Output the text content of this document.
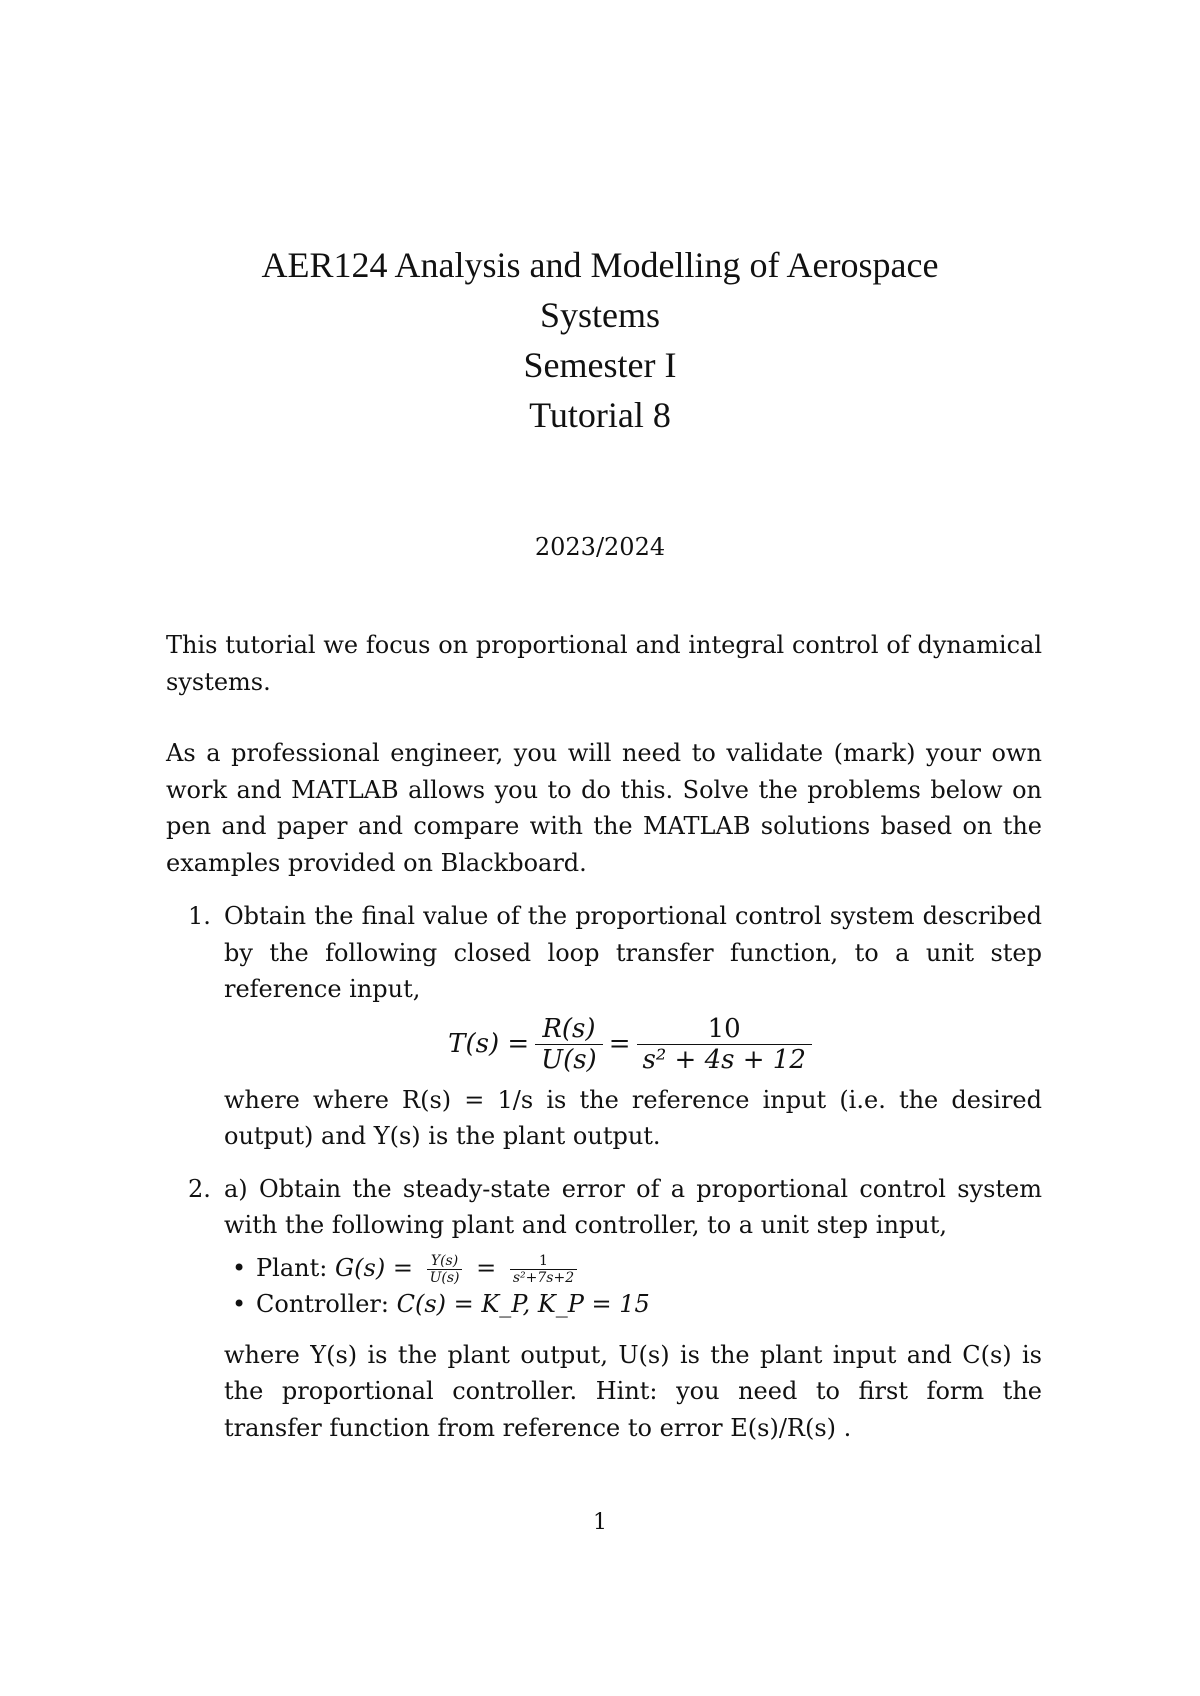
AER124 Analysis and Modelling of Aerospace
Systems
Semester I
Tutorial 8
2023/2024

This tutorial we focus on proportional and integral control of dynamical systems.

As a professional engineer, you will need to validate (mark) your own work and MATLAB allows you to do this. Solve the problems below on pen and paper and compare with the MATLAB solutions based on the examples provided on Blackboard.

1. Obtain the final value of the proportional control system described by the following closed loop transfer function, to a unit step reference input,

$T(s) = \frac{R(s)}{U(s)} = \frac{10}{\text{s² + 4s + 12}}$

where where R(s) = 1/s is the reference input (i.e. the desired output) and Y(s) is the plant output.

2. a) Obtain the steady-state error of a proportional control system with the following plant and controller, to a unit step input,

• Plant: $G(s) = \frac{Y(s)}{U(s)} = \frac{1}{\text{s²+7s+2}}$
• Controller: C(s) = K_P, K_P = 15

where Y(s) is the plant output, U(s) is the plant input and C(s) is the proportional controller. Hint: you need to first form the transfer function from reference to error E(s)/R(s) .

1
